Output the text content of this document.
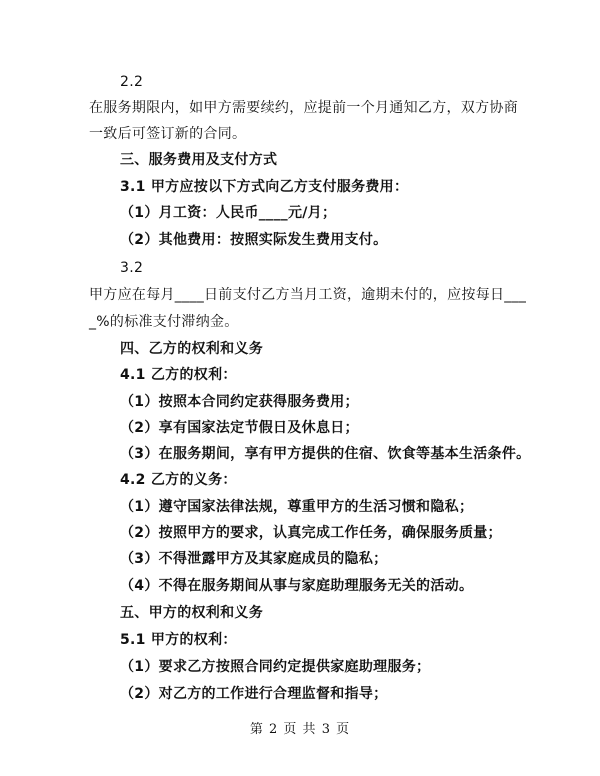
2.2
在服务期限内，如甲方需要续约，应提前一个月通知乙方，双方协商
一致后可签订新的合同。
三、服务费用及支付方式
3.1 甲方应按以下方式向乙方支付服务费用：
（1）月工资：人民币____元/月；
（2）其他费用：按照实际发生费用支付。
3.2
甲方应在每月____日前支付乙方当月工资，逾期未付的，应按每日___
_%的标准支付滞纳金。
四、乙方的权利和义务
4.1 乙方的权利：
（1）按照本合同约定获得服务费用；
（2）享有国家法定节假日及休息日；
（3）在服务期间，享有甲方提供的住宿、饮食等基本生活条件。
4.2 乙方的义务：
（1）遵守国家法律法规，尊重甲方的生活习惯和隐私；
（2）按照甲方的要求，认真完成工作任务，确保服务质量；
（3）不得泄露甲方及其家庭成员的隐私；
（4）不得在服务期间从事与家庭助理服务无关的活动。
五、甲方的权利和义务
5.1 甲方的权利：
（1）要求乙方按照合同约定提供家庭助理服务；
（2）对乙方的工作进行合理监督和指导；
第 2 页 共 3 页
